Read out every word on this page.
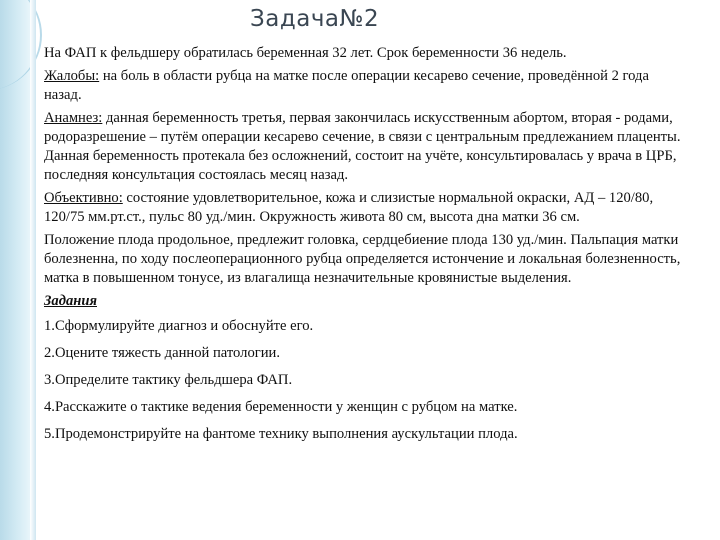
Задача№2

На ФАП к фельдшеру обратилась беременная 32 лет. Срок беременности 36 недель.

Жалобы: на боль в области рубца на матке после операции кесарево сечение, проведённой 2 года назад.

Анамнез: данная беременность третья, первая закончилась искусственным абортом, вторая - родами, родоразрешение – путём операции кесарево сечение, в связи с центральным предлежанием плаценты. Данная беременность протекала без осложнений, состоит на учёте, консультировалась у врача в ЦРБ, последняя консультация состоялась месяц назад.

Объективно: состояние удовлетворительное, кожа и слизистые нормальной окраски, АД – 120/80, 120/75 мм.рт.ст., пульс 80 уд./мин. Окружность живота 80 см, высота дна матки 36 см.

Положение плода продольное, предлежит головка, сердцебиение плода 130 уд./мин. Пальпация матки болезненна, по ходу послеоперационного рубца определяется истончение и локальная болезненность, матка в повышенном тонусе, из влагалища незначительные кровянистые выделения.

Задания

1.Сформулируйте диагноз и обоснуйте его.

2.Оцените тяжесть данной патологии.

3.Определите тактику фельдшера ФАП.

4.Расскажите о тактике ведения беременности у женщин с рубцом на матке.

5.Продемонстрируйте на фантоме технику выполнения аускультации плода.
